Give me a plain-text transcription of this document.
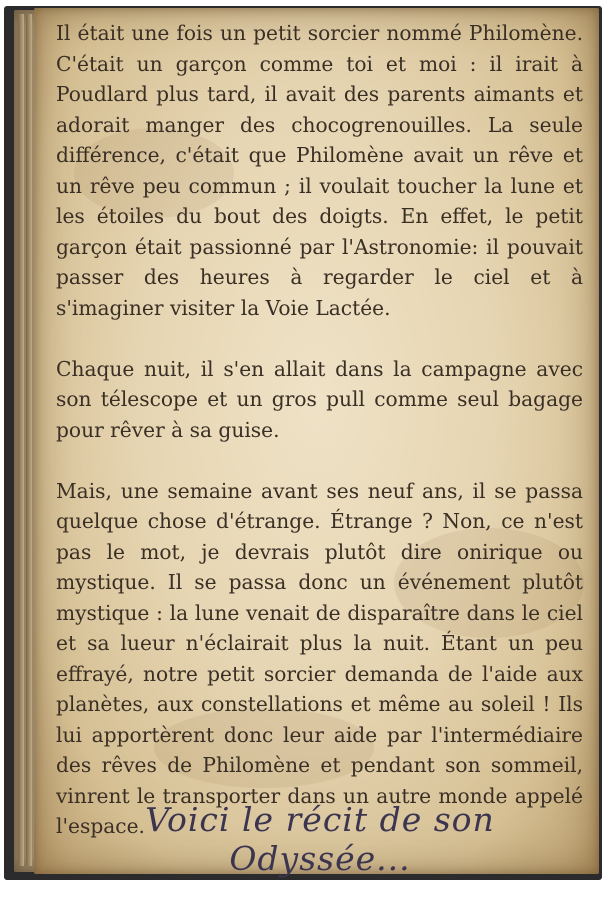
Il était une fois un petit sorcier nommé Philomène. C'était un garçon comme toi et moi : il irait à Poudlard plus tard, il avait des parents aimants et adorait manger des chocogrenouilles. La seule différence, c'était que Philomène avait un rêve et un rêve peu commun ; il voulait toucher la lune et les étoiles du bout des doigts. En effet, le petit garçon était passionné par l'Astronomie: il pouvait passer des heures à regarder le ciel et à s'imaginer visiter la Voie Lactée.

Chaque nuit, il s'en allait dans la campagne avec son télescope et un gros pull comme seul bagage pour rêver à sa guise.

Mais, une semaine avant ses neuf ans, il se passa quelque chose d'étrange. Étrange ? Non, ce n'est pas le mot, je devrais plutôt dire onirique ou mystique. Il se passa donc un événement plutôt mystique : la lune venait de disparaître dans le ciel et sa lueur n'éclairait plus la nuit. Étant un peu effrayé, notre petit sorcier demanda de l'aide aux planètes, aux constellations et même au soleil ! Ils lui apportèrent donc leur aide par l'intermédiaire des rêves de Philomène et pendant son sommeil, vinrent le transporter dans un autre monde appelé l'espace. Voici le récit de son Odyssée...
